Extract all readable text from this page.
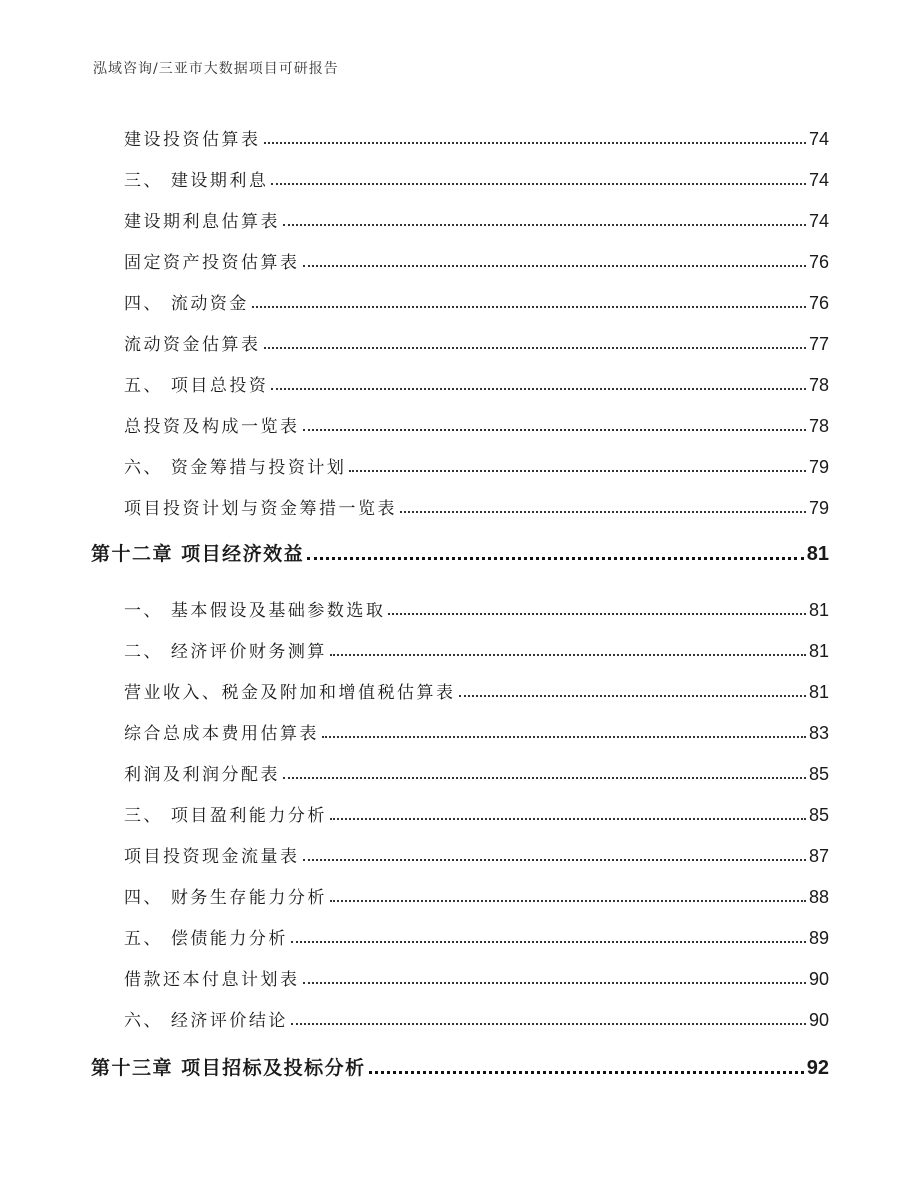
泓域咨询/三亚市大数据项目可研报告
建设投资估算表	74
三、 建设期利息	74
建设期利息估算表	74
固定资产投资估算表	76
四、 流动资金	76
流动资金估算表	77
五、 项目总投资	78
总投资及构成一览表	78
六、 资金筹措与投资计划	79
项目投资计划与资金筹措一览表	79
第十二章 项目经济效益	81
一、 基本假设及基础参数选取	81
二、 经济评价财务测算	81
营业收入、税金及附加和增值税估算表	81
综合总成本费用估算表	83
利润及利润分配表	85
三、 项目盈利能力分析	85
项目投资现金流量表	87
四、 财务生存能力分析	88
五、 偿债能力分析	89
借款还本付息计划表	90
六、 经济评价结论	90
第十三章 项目招标及投标分析	92
